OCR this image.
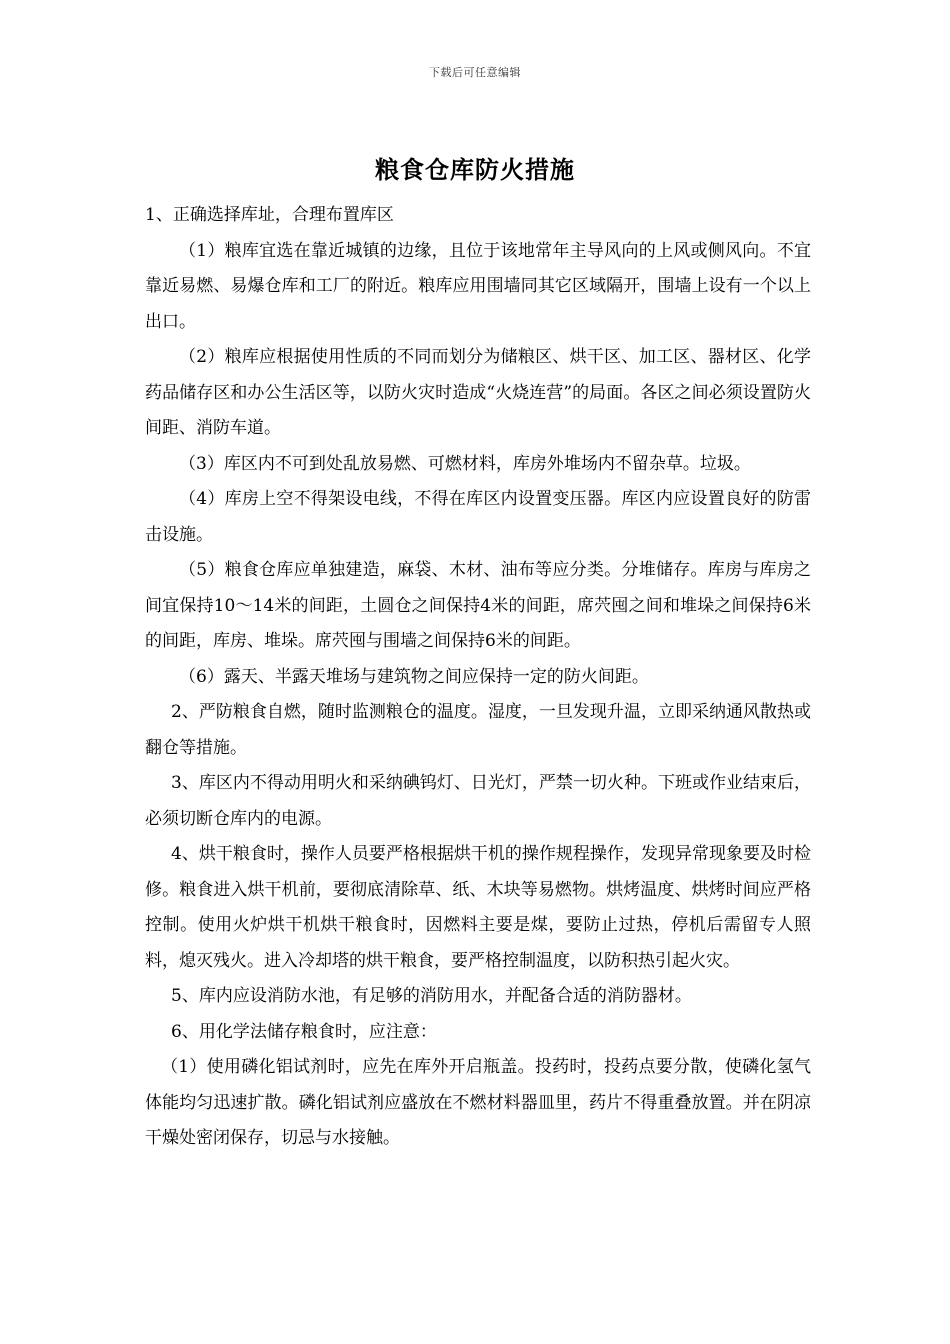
下载后可任意编辑
粮食仓库防火措施

1、正确选择库址，合理布置库区

（1）粮库宜选在靠近城镇的边缘，且位于该地常年主导风向的上风或侧风向。不宜靠近易燃、易爆仓库和工厂的附近。粮库应用围墙同其它区域隔开，围墙上设有一个以上出口。

（2）粮库应根据使用性质的不同而划分为储粮区、烘干区、加工区、器材区、化学药品储存区和办公生活区等，以防火灾时造成“火烧连营”的局面。各区之间必须设置防火间距、消防车道。

（3）库区内不可到处乱放易燃、可燃材料，库房外堆场内不留杂草。垃圾。

（4）库房上空不得架设电线，不得在库区内设置变压器。库区内应设置良好的防雷击设施。

（5）粮食仓库应单独建造，麻袋、木材、油布等应分类。分堆储存。库房与库房之间宜保持10～14米的间距，土圆仓之间保持4米的间距，席茓囤之间和堆垛之间保持6米的间距，库房、堆垛。席茓囤与围墙之间保持6米的间距。

（6）露天、半露天堆场与建筑物之间应保持一定的防火间距。

2、严防粮食自燃，随时监测粮仓的温度。湿度，一旦发现升温，立即采纳通风散热或翻仓等措施。

3、库区内不得动用明火和采纳碘钨灯、日光灯，严禁一切火种。下班或作业结束后，必须切断仓库内的电源。

4、烘干粮食时，操作人员要严格根据烘干机的操作规程操作，发现异常现象要及时检修。粮食进入烘干机前，要彻底清除草、纸、木块等易燃物。烘烤温度、烘烤时间应严格控制。使用火炉烘干机烘干粮食时，因燃料主要是煤，要防止过热，停机后需留专人照料，熄灭残火。进入冷却塔的烘干粮食，要严格控制温度，以防积热引起火灾。

5、库内应设消防水池，有足够的消防用水，并配备合适的消防器材。

6、用化学法储存粮食时，应注意：

（1）使用磷化铝试剂时，应先在库外开启瓶盖。投药时，投药点要分散，使磷化氢气体能均匀迅速扩散。磷化铝试剂应盛放在不燃材料器皿里，药片不得重叠放置。并在阴凉干燥处密闭保存，切忌与水接触。
